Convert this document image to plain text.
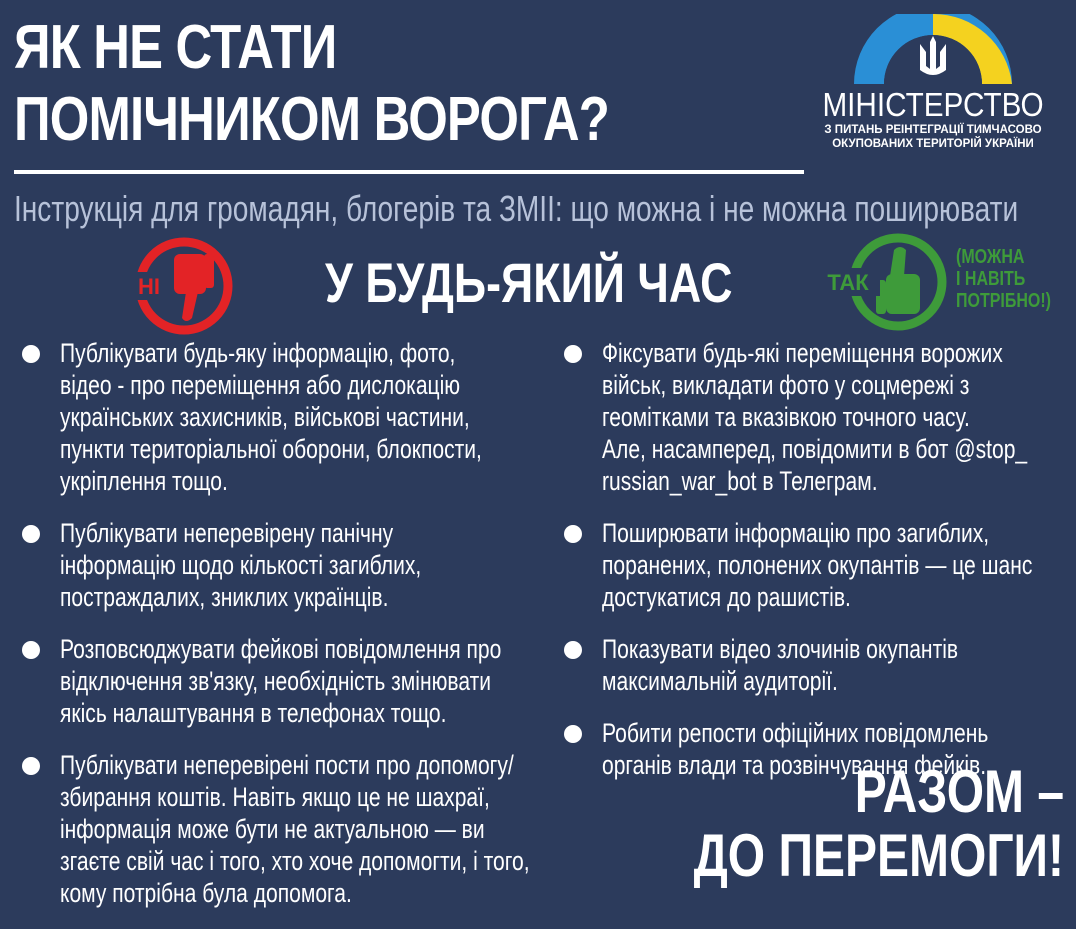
ЯК НЕ СТАТИ
ПОМІЧНИКОМ ВОРОГА?	МІНІСТЕРСТВО
З ПИТАНЬ РЕІНТЕГРАЦІЇ ТИМЧАСОВО
ОКУПОВАНИХ ТЕРИТОРІЙ УКРАЇНИ
Інструкція для громадян, блогерів та ЗМІІ: що можна і не можна поширювати
НІ	У БУДЬ-ЯКИЙ ЧАС	ТАК
(МОЖНА
І НАВІТЬ
ПОТРІБНО!)
Публікувати будь-яку інформацію, фото,
відео - про переміщення або дислокацію
українських захисників, військові частини,
пункти територіальної оборони, блокпости,
укріплення тощо.
Публікувати неперевірену панічну
інформацію щодо кількості загиблих,
постраждалих, зниклих українців.
Розповсюджувати фейкові повідомлення про
відключення зв'язку, необхідність змінювати
якісь налаштування в телефонах тощо.
Публікувати неперевірені пости про допомогу/
збирання коштів. Навіть якщо це не шахраї,
інформація може бути не актуальною — ви
згаєте свій час і того, хто хоче допомогти, і того,
кому потрібна була допомога.
Фіксувати будь-які переміщення ворожих
військ, викладати фото у соцмережі з
геомітками та вказівкою точного часу.
Але, насамперед, повідомити в бот @stop_
russian_war_bot в Телеграм.
Поширювати інформацію про загиблих,
поранених, полонених окупантів — це шанс
достукатися до рашистів.
Показувати відео злочинів окупантів
максимальній аудиторії.
Робити репости офіційних повідомлень
органів влади та розвінчування фейків.
РАЗОМ –
ДО ПЕРЕМОГИ!
